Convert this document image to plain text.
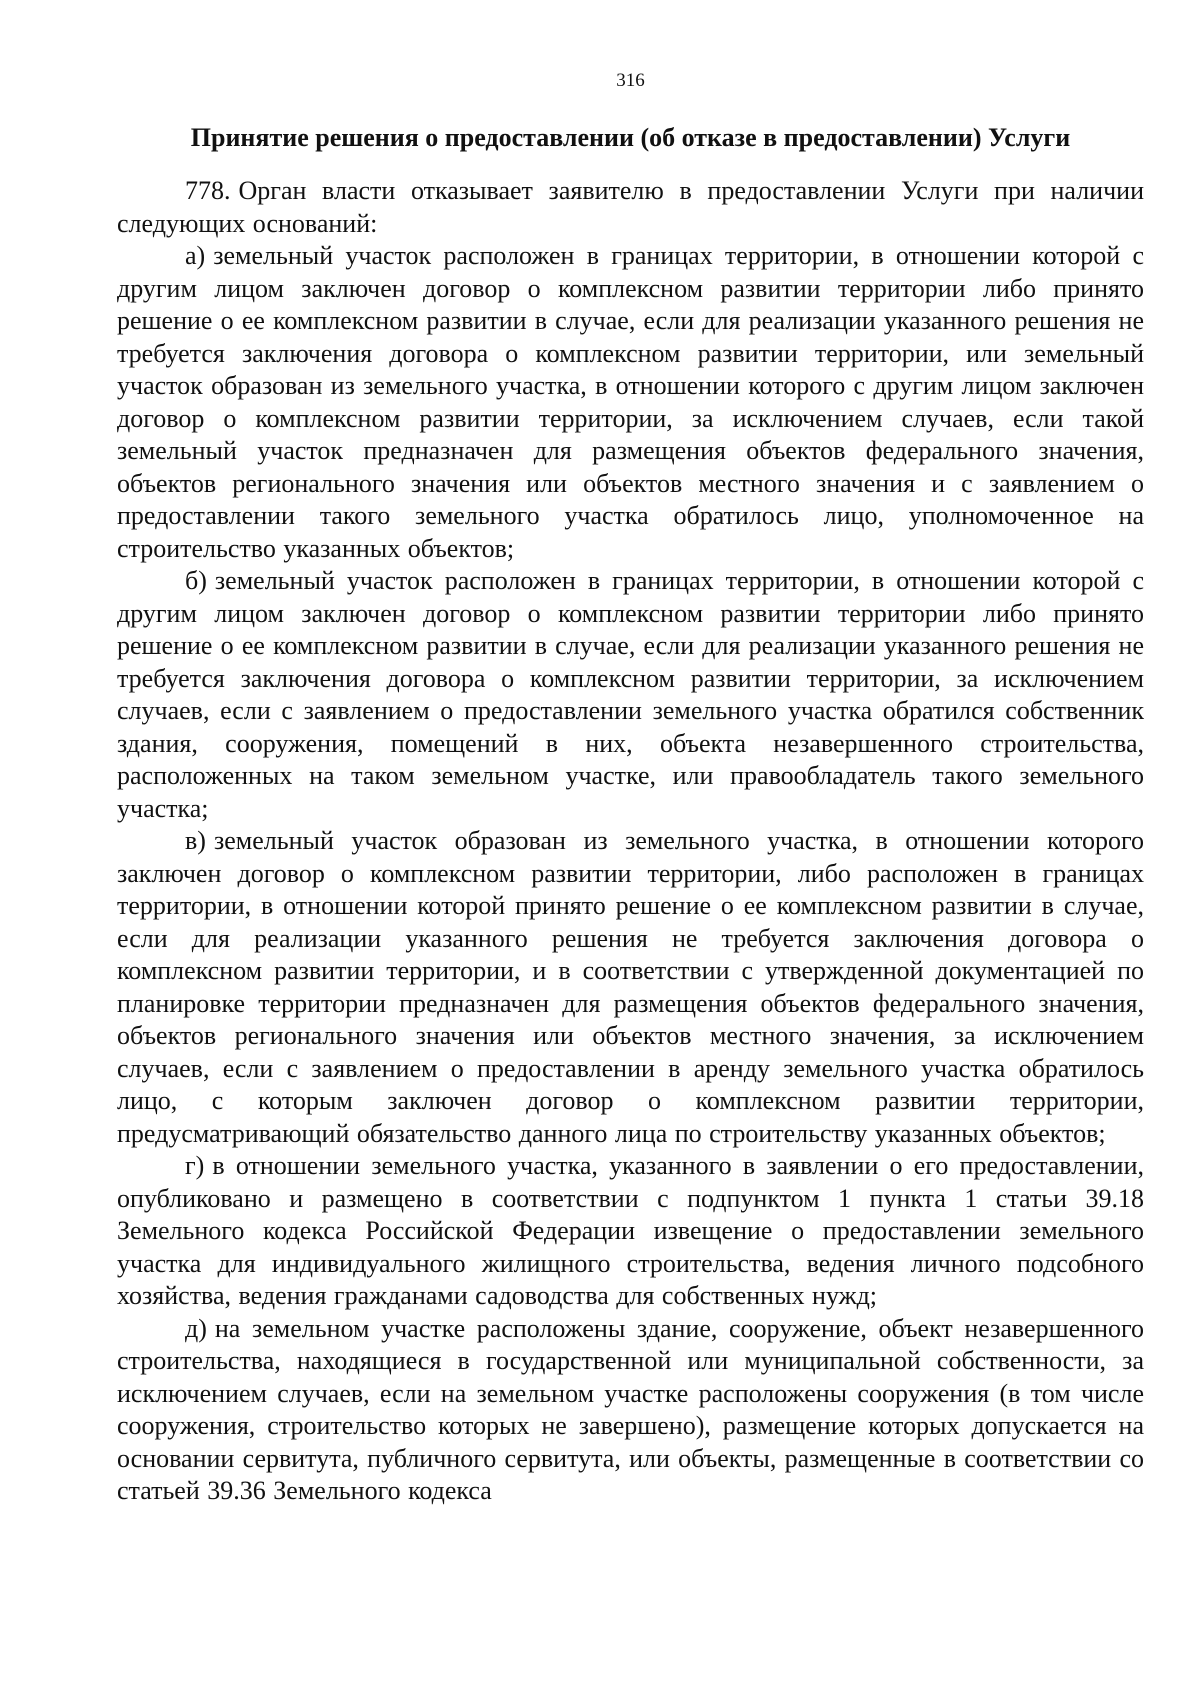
316
Принятие решения о предоставлении (об отказе в предоставлении) Услуги

778. Орган власти отказывает заявителю в предоставлении Услуги при наличии следующих оснований:

а) земельный участок расположен в границах территории, в отношении которой с другим лицом заключен договор о комплексном развитии территории либо принято решение о ее комплексном развитии в случае, если для реализации указанного решения не требуется заключения договора о комплексном развитии территории, или земельный участок образован из земельного участка, в отношении которого с другим лицом заключен договор о комплексном развитии территории, за исключением случаев, если такой земельный участок предназначен для размещения объектов федерального значения, объектов регионального значения или объектов местного значения и с заявлением о предоставлении такого земельного участка обратилось лицо, уполномоченное на строительство указанных объектов;

б) земельный участок расположен в границах территории, в отношении которой с другим лицом заключен договор о комплексном развитии территории либо принято решение о ее комплексном развитии в случае, если для реализации указанного решения не требуется заключения договора о комплексном развитии территории, за исключением случаев, если с заявлением о предоставлении земельного участка обратился собственник здания, сооружения, помещений в них, объекта незавершенного строительства, расположенных на таком земельном участке, или правообладатель такого земельного участка;

в) земельный участок образован из земельного участка, в отношении которого заключен договор о комплексном развитии территории, либо расположен в границах территории, в отношении которой принято решение о ее комплексном развитии в случае, если для реализации указанного решения не требуется заключения договора о комплексном развитии территории, и в соответствии с утвержденной документацией по планировке территории предназначен для размещения объектов федерального значения, объектов регионального значения или объектов местного значения, за исключением случаев, если с заявлением о предоставлении в аренду земельного участка обратилось лицо, с которым заключен договор о комплексном развитии территории, предусматривающий обязательство данного лица по строительству указанных объектов;

г) в отношении земельного участка, указанного в заявлении о его предоставлении, опубликовано и размещено в соответствии с подпунктом 1 пункта 1 статьи 39.18 Земельного кодекса Российской Федерации извещение о предоставлении земельного участка для индивидуального жилищного строительства, ведения личного подсобного хозяйства, ведения гражданами садоводства для собственных нужд;

д) на земельном участке расположены здание, сооружение, объект незавершенного строительства, находящиеся в государственной или муниципальной собственности, за исключением случаев, если на земельном участке расположены сооружения (в том числе сооружения, строительство которых не завершено), размещение которых допускается на основании сервитута, публичного сервитута, или объекты, размещенные в соответствии со статьей 39.36 Земельного кодекса
